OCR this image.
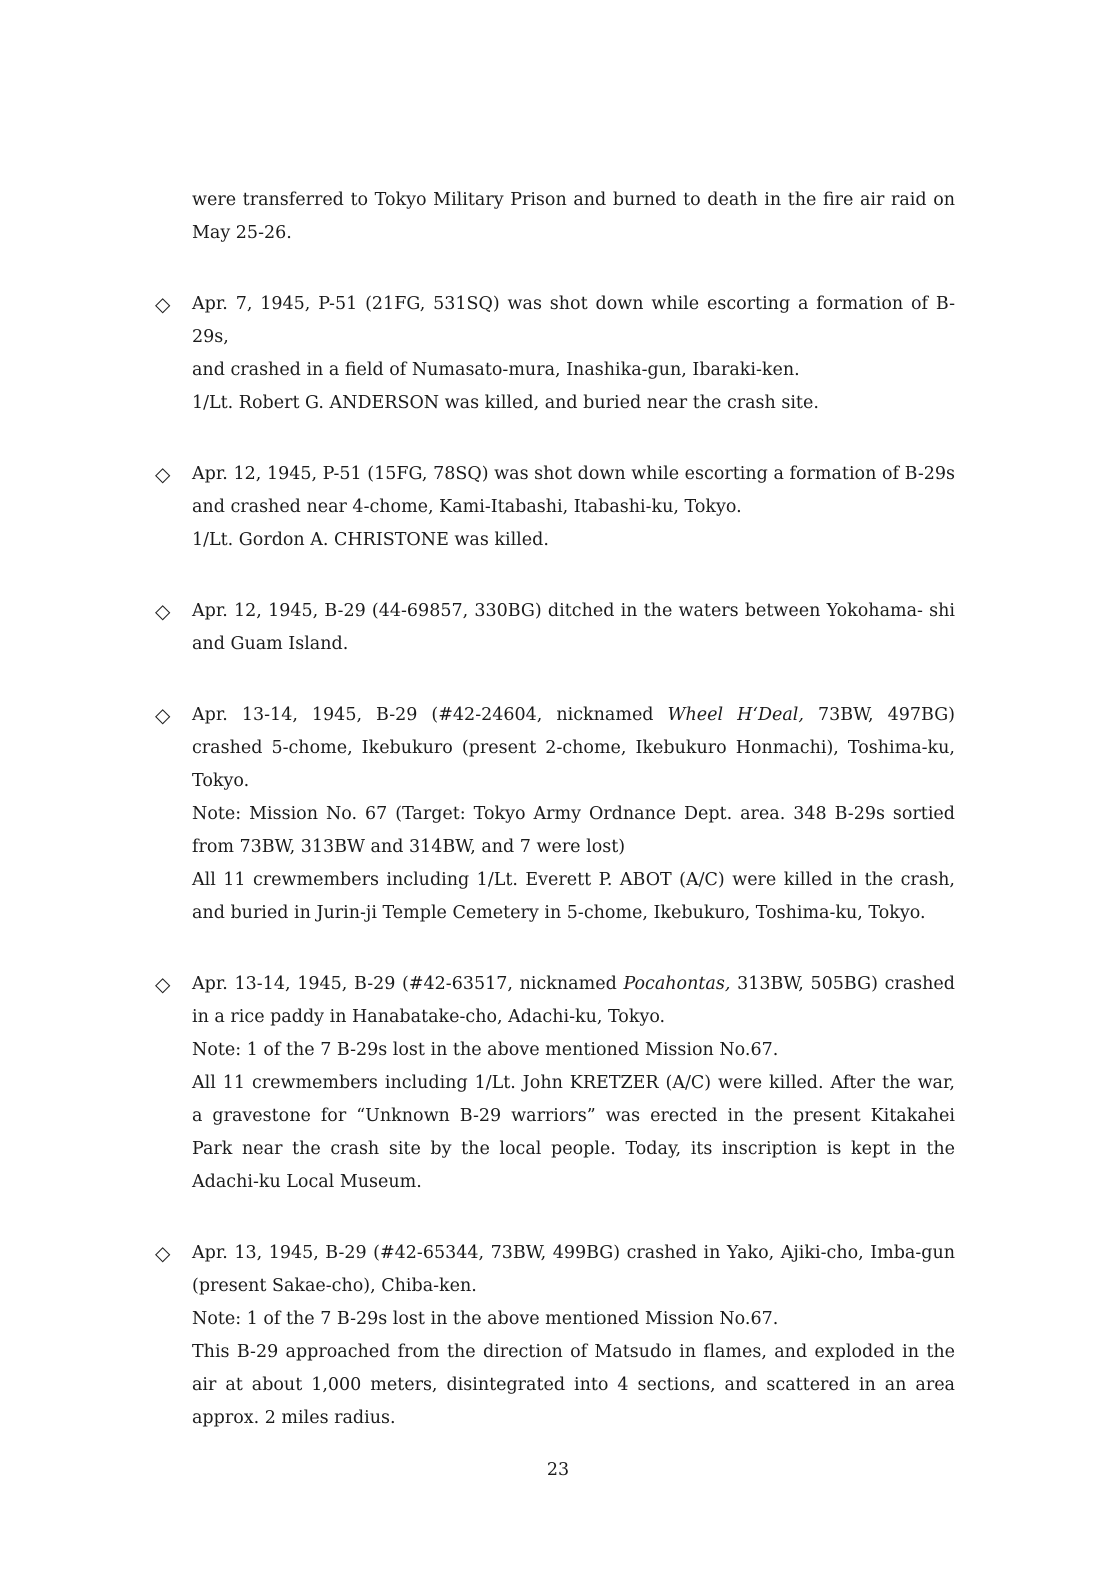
were transferred to Tokyo Military Prison and burned to death in the fire air raid on
May 25-26.
◇ Apr. 7, 1945, P-51 (21FG, 531SQ) was shot down while escorting a formation of B-29s,
and crashed in a field of Numasato-mura, Inashika-gun, Ibaraki-ken.
1/Lt. Robert G. ANDERSON was killed, and buried near the crash site.
◇ Apr. 12, 1945, P-51 (15FG, 78SQ) was shot down while escorting a formation of B-29s
and crashed near 4-chome, Kami-Itabashi, Itabashi-ku, Tokyo.
1/Lt. Gordon A. CHRISTONE was killed.
◇ Apr. 12, 1945, B-29 (44-69857, 330BG) ditched in the waters between Yokohama- shi
and Guam Island.
◇ Apr. 13-14, 1945, B-29 (#42-24604, nicknamed Wheel H‘Deal, 73BW, 497BG)
crashed 5-chome, Ikebukuro (present 2-chome, Ikebukuro Honmachi), Toshima-ku,
Tokyo.
Note: Mission No. 67 (Target: Tokyo Army Ordnance Dept. area. 348 B-29s sortied
from 73BW, 313BW and 314BW, and 7 were lost)
All 11 crewmembers including 1/Lt. Everett P. ABOT (A/C) were killed in the crash,
and buried in Jurin-ji Temple Cemetery in 5-chome, Ikebukuro, Toshima-ku, Tokyo.
◇ Apr. 13-14, 1945, B-29 (#42-63517, nicknamed Pocahontas, 313BW, 505BG) crashed
in a rice paddy in Hanabatake-cho, Adachi-ku, Tokyo.
Note: 1 of the 7 B-29s lost in the above mentioned Mission No.67.
All 11 crewmembers including 1/Lt. John KRETZER (A/C) were killed. After the war,
a gravestone for “Unknown B-29 warriors” was erected in the present Kitakahei
Park near the crash site by the local people. Today, its inscription is kept in the
Adachi-ku Local Museum.
◇ Apr. 13, 1945, B-29 (#42-65344, 73BW, 499BG) crashed in Yako, Ajiki-cho, Imba-gun
(present Sakae-cho), Chiba-ken.
Note: 1 of the 7 B-29s lost in the above mentioned Mission No.67.
This B-29 approached from the direction of Matsudo in flames, and exploded in the
air at about 1,000 meters, disintegrated into 4 sections, and scattered in an area
approx. 2 miles radius.
23
